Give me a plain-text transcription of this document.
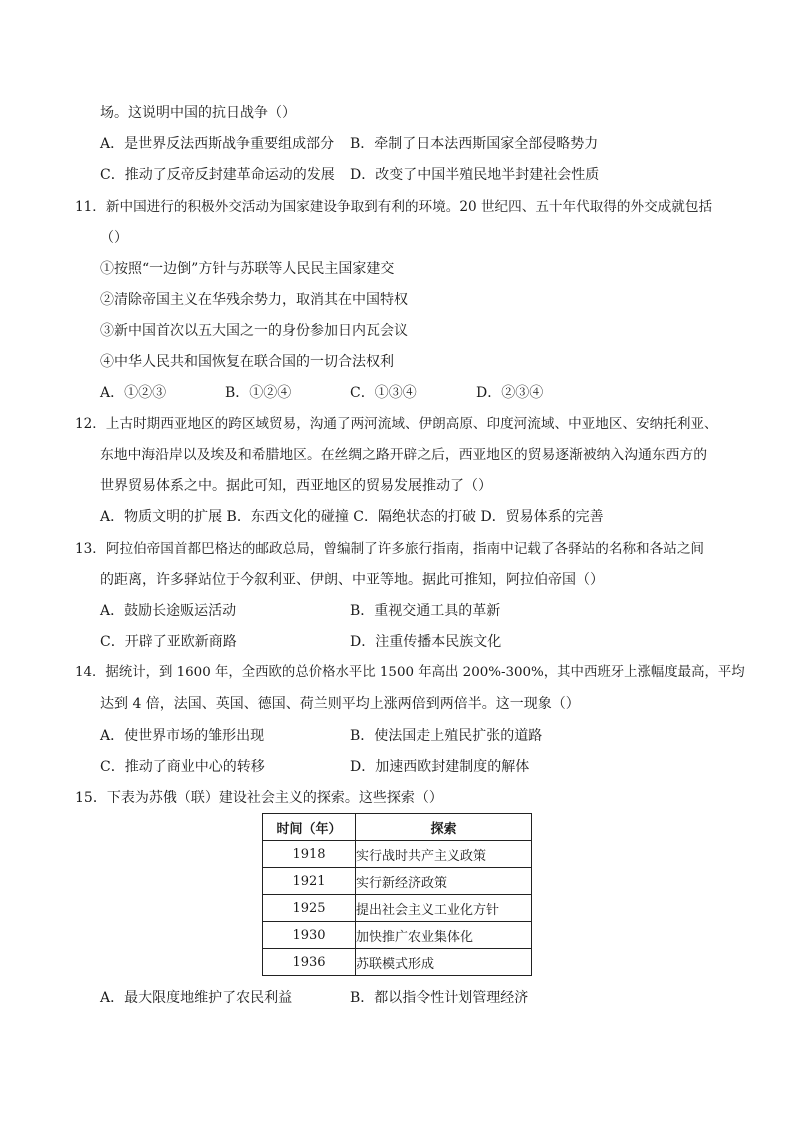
场。这说明中国的抗日战争（）
A．是世界反法西斯战争重要组成部分 B．牵制了日本法西斯国家全部侵略势力
C．推动了反帝反封建革命运动的发展 D．改变了中国半殖民地半封建社会性质
11．新中国进行的积极外交活动为国家建设争取到有利的环境。20 世纪四、五十年代取得的外交成就包括
（）
①按照“一边倒”方针与苏联等人民民主国家建交
②清除帝国主义在华残余势力，取消其在中国特权
③新中国首次以五大国之一的身份参加日内瓦会议
④中华人民共和国恢复在联合国的一切合法权利
A．①②③	B．①②④	C．①③④	D．②③④
12．上古时期西亚地区的跨区域贸易，沟通了两河流域、伊朗高原、印度河流域、中亚地区、安纳托利亚、
东地中海沿岸以及埃及和希腊地区。在丝绸之路开辟之后，西亚地区的贸易逐渐被纳入沟通东西方的
世界贸易体系之中。据此可知，西亚地区的贸易发展推动了（）
A．物质文明的扩展 B．东西文化的碰撞 C．隔绝状态的打破 D．贸易体系的完善
13．阿拉伯帝国首都巴格达的邮政总局，曾编制了许多旅行指南，指南中记载了各驿站的名称和各站之间
的距离，许多驿站位于今叙利亚、伊朗、中亚等地。据此可推知，阿拉伯帝国（）
A．鼓励长途贩运活动	B．重视交通工具的革新
C．开辟了亚欧新商路	D．注重传播本民族文化
14．据统计，到 1600 年，全西欧的总价格水平比 1500 年高出 200%-300%，其中西班牙上涨幅度最高，平均
达到 4 倍，法国、英国、德国、荷兰则平均上涨两倍到两倍半。这一现象（）
A．使世界市场的雏形出现	B．使法国走上殖民扩张的道路
C．推动了商业中心的转移	D．加速西欧封建制度的解体
15．下表为苏俄（联）建设社会主义的探索。这些探索（）
时间（年）	探索
1918	实行战时共产主义政策
1921	实行新经济政策
1925	提出社会主义工业化方针
1930	加快推广农业集体化
1936	苏联模式形成
A．最大限度地维护了农民利益	B．都以指令性计划管理经济
